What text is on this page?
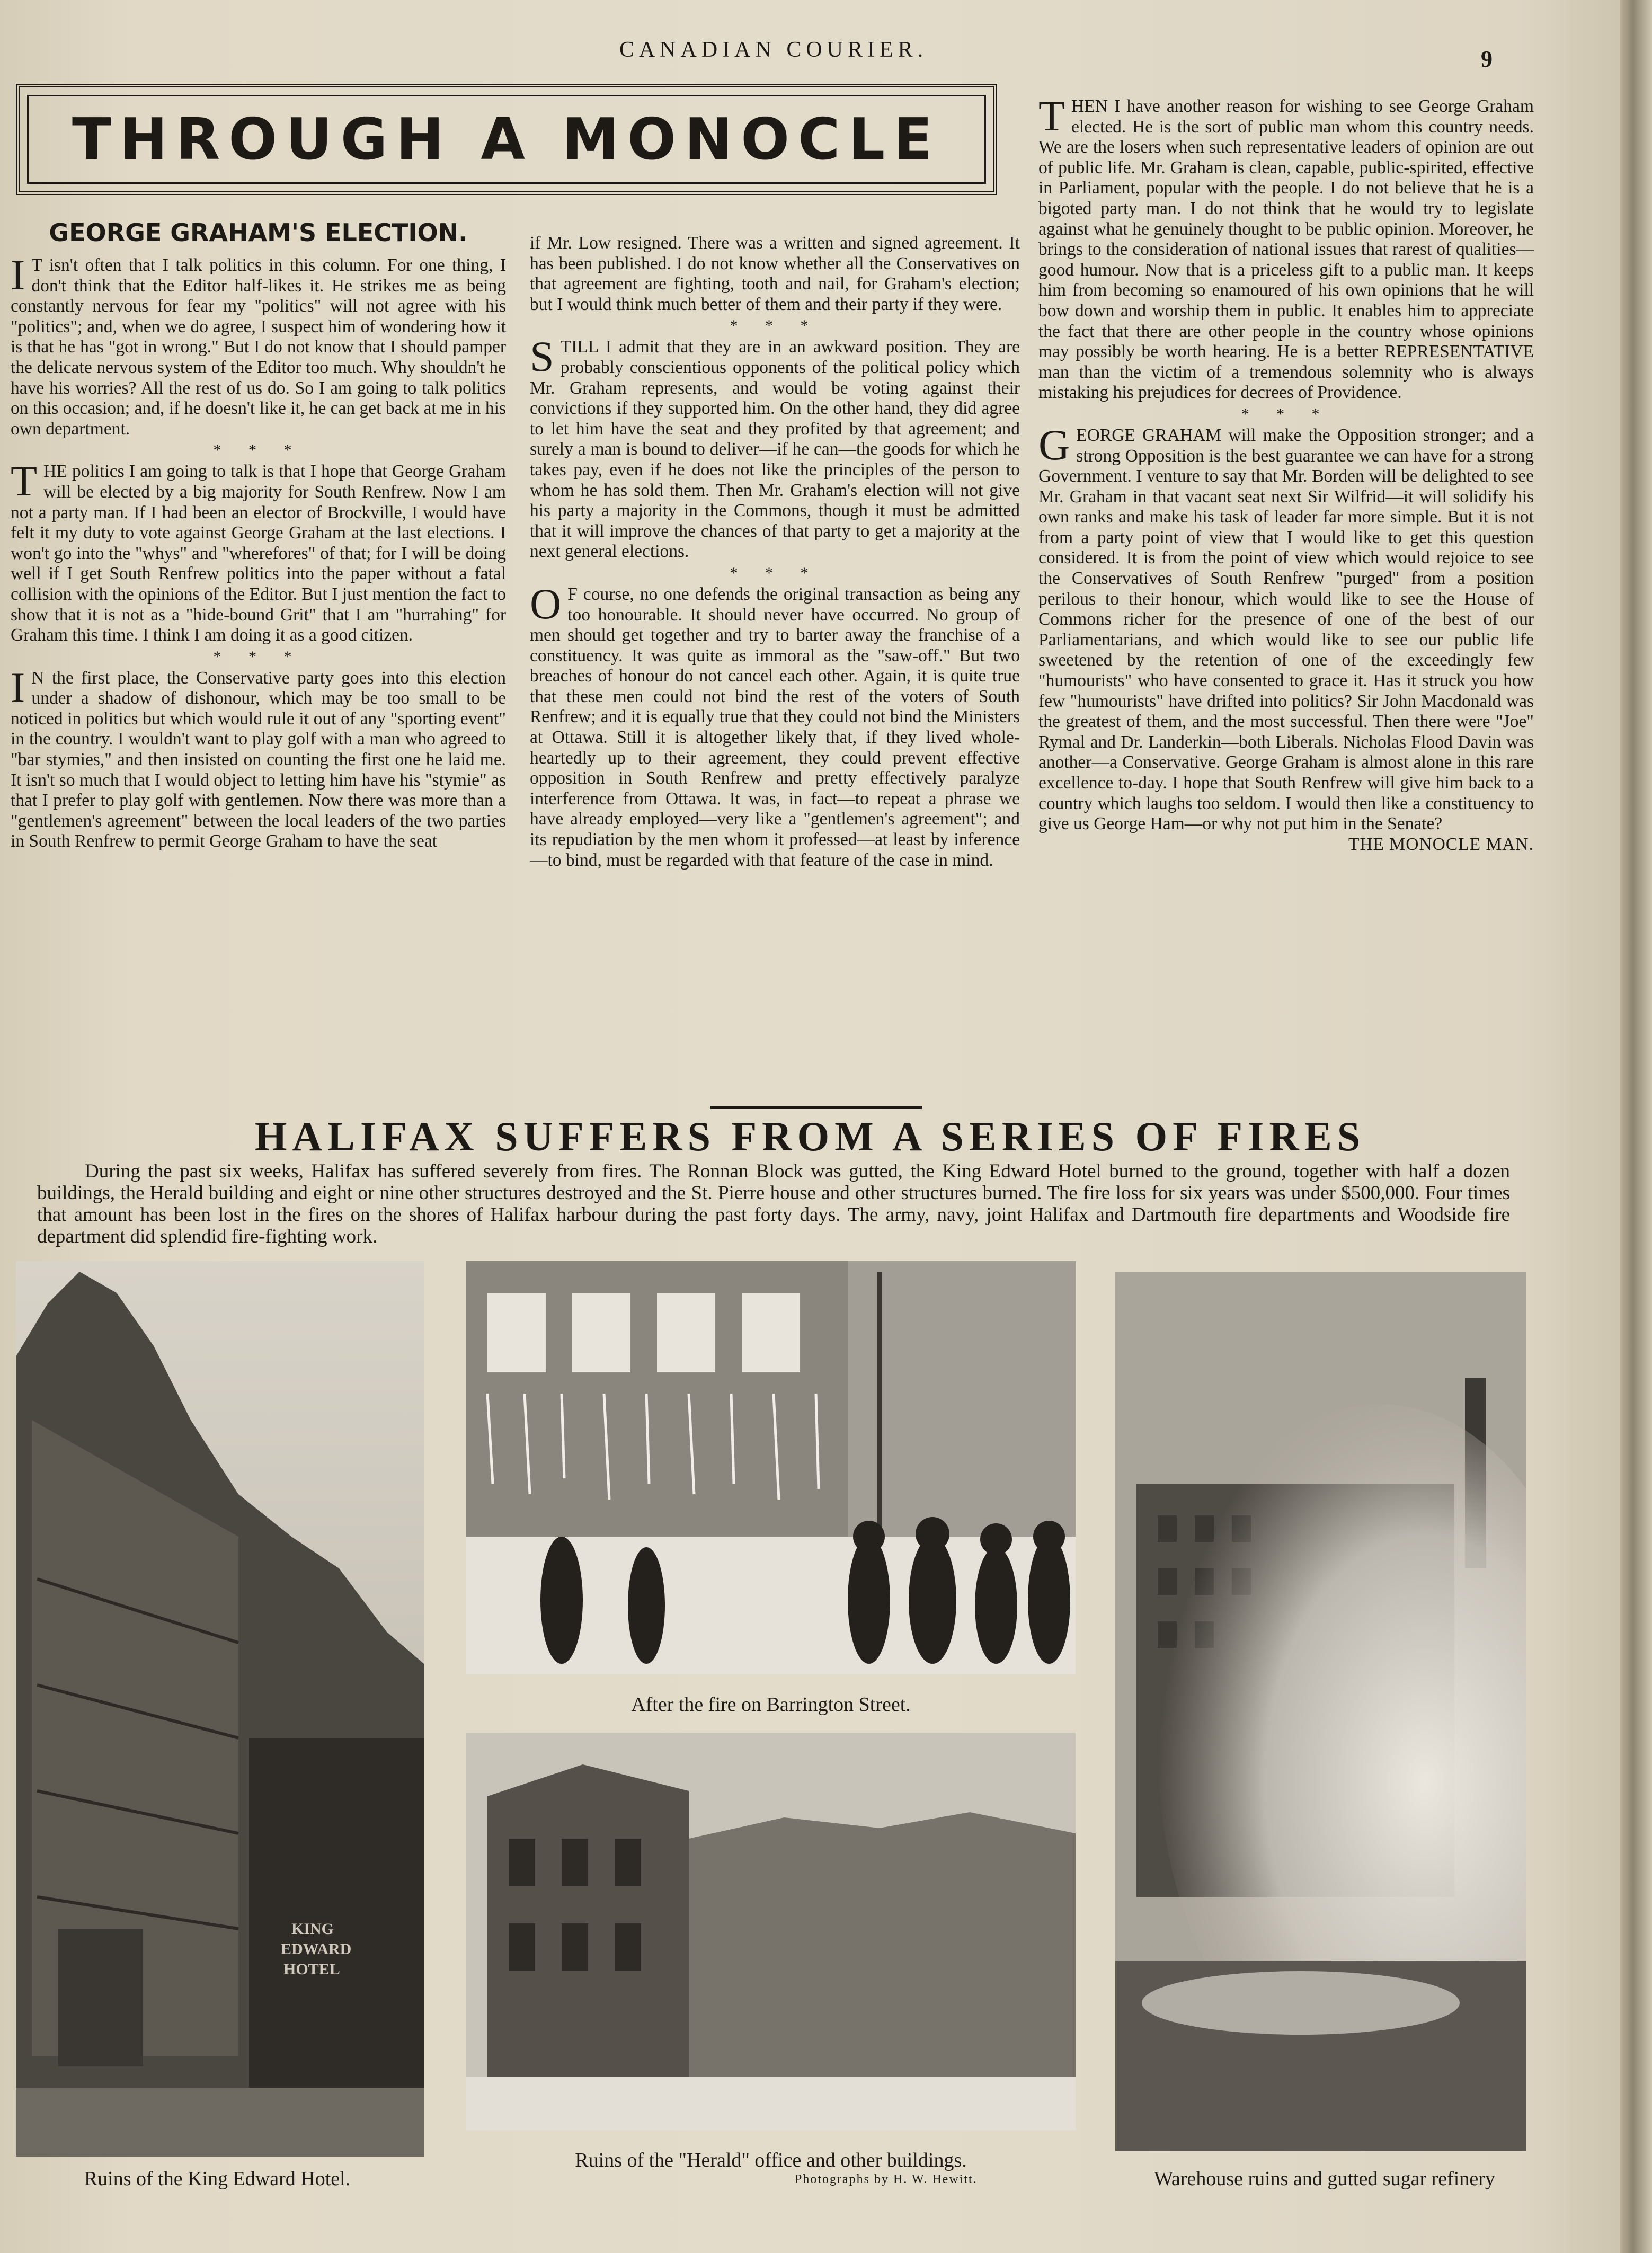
CANADIAN COURIER.	9
THROUGH A MONOCLE
GEORGE GRAHAM'S ELECTION.

I T isn't often that I talk politics in this column. For one thing, I don't think that the Editor half-likes it. He strikes me as being constantly nervous for fear my "politics" will not agree with his "politics"; and, when we do agree, I suspect him of wondering how it is that he has "got in wrong." But I do not know that I should pamper the delicate nervous system of the Editor too much. Why shouldn't he have his worries? All the rest of us do. So I am going to talk politics on this occasion; and, if he doesn't like it, he can get back at me in his own department.

* * *

THE politics I am going to talk is that I hope that George Graham will be elected by a big majority for South Renfrew. Now I am not a party man. If I had been an elector of Brockville, I would have felt it my duty to vote against George Graham at the last elections. I won't go into the "whys" and "wherefores" of that; for I will be doing well if I get South Renfrew politics into the paper without a fatal collision with the opinions of the Editor. But I just mention the fact to show that it is not as a "hide-bound Grit" that I am "hurrahing" for Graham this time. I think I am doing it as a good citizen.

* * *

I N the first place, the Conservative party goes into this election under a shadow of dishonour, which may be too small to be noticed in politics but which would rule it out of any "sporting event" in the country. I wouldn't want to play golf with a man who agreed to "bar stymies," and then insisted on counting the first one he laid me. It isn't so much that I would object to letting him have his "stymie" as that I prefer to play golf with gentlemen. Now there was more than a "gentlemen's agreement" between the local leaders of the two parties in South Renfrew to permit George Graham to have the seat

if Mr. Low resigned. There was a written and signed agreement. It has been published. I do not know whether all the Conservatives on that agreement are fighting, tooth and nail, for Graham's election; but I would think much better of them and their party if they were.

* * *

STILL I admit that they are in an awkward position. They are probably conscientious opponents of the political policy which Mr. Graham represents, and would be voting against their convictions if they supported him. On the other hand, they did agree to let him have the seat and they profited by that agreement; and surely a man is bound to deliver—if he can—the goods for which he takes pay, even if he does not like the principles of the person to whom he has sold them. Then Mr. Graham's election will not give his party a majority in the Commons, though it must be admitted that it will improve the chances of that party to get a majority at the next general elections.

* * *

O F course, no one defends the original transaction as being any too honourable. It should never have occurred. No group of men should get together and try to barter away the franchise of a constituency. It was quite as immoral as the "saw-off." But two breaches of honour do not cancel each other. Again, it is quite true that these men could not bind the rest of the voters of South Renfrew; and it is equally true that they could not bind the Ministers at Ottawa. Still it is altogether likely that, if they lived whole-heartedly up to their agreement, they could prevent effective opposition in South Renfrew and pretty effectively paralyze interference from Ottawa. It was, in fact—to repeat a phrase we have already employed—very like a "gentlemen's agreement"; and its repudiation by the men whom it professed—at least by inference—to bind, must be regarded with that feature of the case in mind.

THEN I have another reason for wishing to see George Graham elected. He is the sort of public man whom this country needs. We are the losers when such representative leaders of opinion are out of public life. Mr. Graham is clean, capable, public-spirited, effective in Parliament, popular with the people. I do not believe that he is a bigoted party man. I do not think that he would try to legislate against what he genuinely thought to be public opinion. Moreover, he brings to the consideration of national issues that rarest of qualities—good humour. Now that is a priceless gift to a public man. It keeps him from becoming so enamoured of his own opinions that he will bow down and worship them in public. It enables him to appreciate the fact that there are other people in the country whose opinions may possibly be worth hearing. He is a better REPRESENTATIVE man than the victim of a tremendous solemnity who is always mistaking his prejudices for decrees of Providence.

* * *

GEORGE GRAHAM will make the Opposition stronger; and a strong Opposition is the best guarantee we can have for a strong Government. I venture to say that Mr. Borden will be delighted to see Mr. Graham in that vacant seat next Sir Wilfrid—it will solidify his own ranks and make his task of leader far more simple. But it is not from a party point of view that I would like to get this question considered. It is from the point of view which would rejoice to see the Conservatives of South Renfrew "purged" from a position perilous to their honour, which would like to see the House of Commons richer for the presence of one of the best of our Parliamentarians, and which would like to see our public life sweetened by the retention of one of the exceedingly few "humourists" who have consented to grace it. Has it struck you how few "humourists" have drifted into politics? Sir John Macdonald was the greatest of them, and the most successful. Then there were "Joe" Rymal and Dr. Landerkin—both Liberals. Nicholas Flood Davin was another—a Conservative. George Graham is almost alone in this rare excellence to-day. I hope that South Renfrew will give him back to a country which laughs too seldom. I would then like a constituency to give us George Ham—or why not put him in the Senate?
THE MONOCLE MAN.

HALIFAX SUFFERS FROM A SERIES OF FIRES
During the past six weeks, Halifax has suffered severely from fires. The Ronnan Block was gutted, the King Edward Hotel burned to the ground, together with half a dozen buildings, the Herald building and eight or nine other structures destroyed and the St. Pierre house and other structures burned. The fire loss for six years was under $500,000. Four times that amount has been lost in the fires on the shores of Halifax harbour during the past forty days. The army, navy, joint Halifax and Dartmouth fire departments and Woodside fire department did splendid fire-fighting work.
KING EDWARD HOTEL
Ruins of the King Edward Hotel.
After the fire on Barrington Street.
Ruins of the "Herald" office and other buildings.
Photographs by H. W. Hewitt.	Warehouse ruins and gutted sugar refinery
